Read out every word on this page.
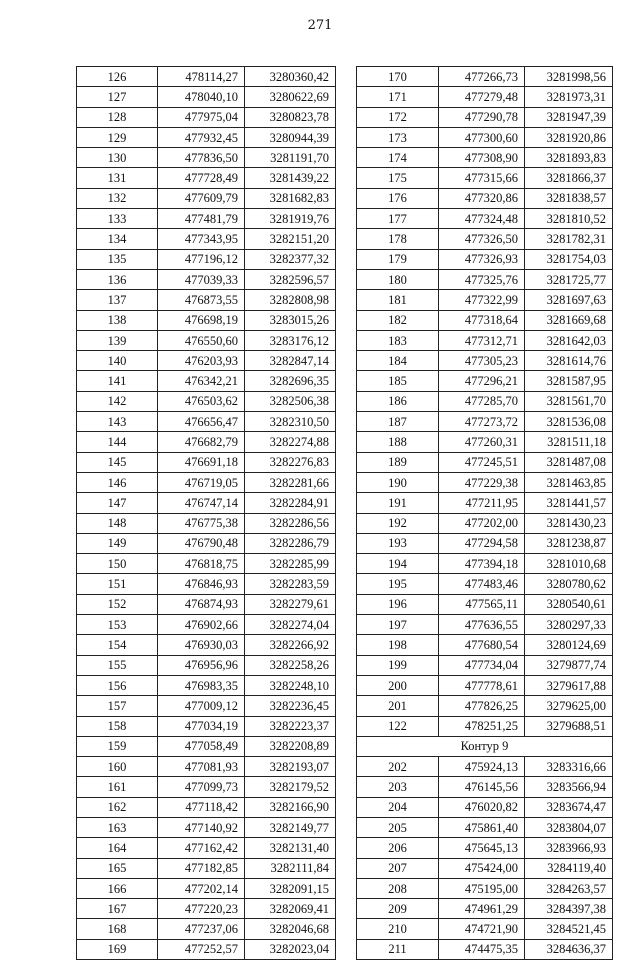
271
126	478114,27	3280360,42
127	478040,10	3280622,69
128	477975,04	3280823,78
129	477932,45	3280944,39
130	477836,50	3281191,70
131	477728,49	3281439,22
132	477609,79	3281682,83
133	477481,79	3281919,76
134	477343,95	3282151,20
135	477196,12	3282377,32
136	477039,33	3282596,57
137	476873,55	3282808,98
138	476698,19	3283015,26
139	476550,60	3283176,12
140	476203,93	3282847,14
141	476342,21	3282696,35
142	476503,62	3282506,38
143	476656,47	3282310,50
144	476682,79	3282274,88
145	476691,18	3282276,83
146	476719,05	3282281,66
147	476747,14	3282284,91
148	476775,38	3282286,56
149	476790,48	3282286,79
150	476818,75	3282285,99
151	476846,93	3282283,59
152	476874,93	3282279,61
153	476902,66	3282274,04
154	476930,03	3282266,92
155	476956,96	3282258,26
156	476983,35	3282248,10
157	477009,12	3282236,45
158	477034,19	3282223,37
159	477058,49	3282208,89
160	477081,93	3282193,07
161	477099,73	3282179,52
162	477118,42	3282166,90
163	477140,92	3282149,77
164	477162,42	3282131,40
165	477182,85	3282111,84
166	477202,14	3282091,15
167	477220,23	3282069,41
168	477237,06	3282046,68
169	477252,57	3282023,04
170	477266,73	3281998,56
171	477279,48	3281973,31
172	477290,78	3281947,39
173	477300,60	3281920,86
174	477308,90	3281893,83
175	477315,66	3281866,37
176	477320,86	3281838,57
177	477324,48	3281810,52
178	477326,50	3281782,31
179	477326,93	3281754,03
180	477325,76	3281725,77
181	477322,99	3281697,63
182	477318,64	3281669,68
183	477312,71	3281642,03
184	477305,23	3281614,76
185	477296,21	3281587,95
186	477285,70	3281561,70
187	477273,72	3281536,08
188	477260,31	3281511,18
189	477245,51	3281487,08
190	477229,38	3281463,85
191	477211,95	3281441,57
192	477202,00	3281430,23
193	477294,58	3281238,87
194	477394,18	3281010,68
195	477483,46	3280780,62
196	477565,11	3280540,61
197	477636,55	3280297,33
198	477680,54	3280124,69
199	477734,04	3279877,74
200	477778,61	3279617,88
201	477826,25	3279625,00
122	478251,25	3279688,51
Контур 9		
202	475924,13	3283316,66
203	476145,56	3283566,94
204	476020,82	3283674,47
205	475861,40	3283804,07
206	475645,13	3283966,93
207	475424,00	3284119,40
208	475195,00	3284263,57
209	474961,29	3284397,38
210	474721,90	3284521,45
211	474475,35	3284636,37
